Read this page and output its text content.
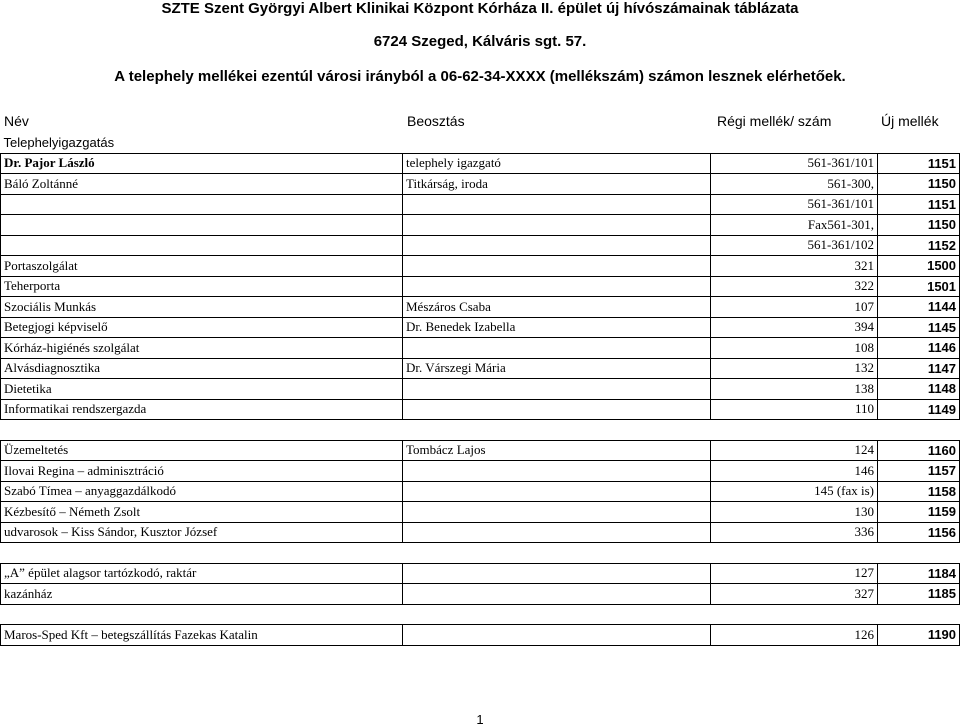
SZTE Szent Györgyi Albert Klinikai Központ Kórháza II. épület új hívószámainak táblázata
6724 Szeged, Kálváris sgt. 57.
A telephely mellékei ezentúl városi irányból a 06-62-34-XXXX (mellékszám) számon lesznek elérhetőek.
Név	Beosztás	Régi mellék/ szám	Új mellék
Telephelyigazgatás			
Dr. Pajor László	telephely igazgató	561-361/101	1151
Báló Zoltánné	Titkárság, iroda	561-300,	1150
		561-361/101	1151
		Fax561-301,	1150
		561-361/102	1152
Portaszolgálat		321	1500
Teherporta		322	1501
Szociális Munkás	Mészáros Csaba	107	1144
Betegjogi képviselő	Dr. Benedek Izabella	394	1145
Kórház-higiénés szolgálat		108	1146
Alvásdiagnosztika	Dr. Várszegi Mária	132	1147
Dietetika		138	1148
Informatikai rendszergazda		110	1149

Üzemeltetés	Tombácz Lajos	124	1160
Ilovai Regina – adminisztráció		146	1157
Szabó Tímea – anyaggazdálkodó		145 (fax is)	1158
Kézbesítő – Németh Zsolt		130	1159
udvarosok – Kiss Sándor, Kusztor József		336	1156

„A” épület alagsor tartózkodó, raktár		127	1184
kazánház		327	1185

Maros-Sped Kft – betegszállítás Fazekas Katalin		126	1190
1
